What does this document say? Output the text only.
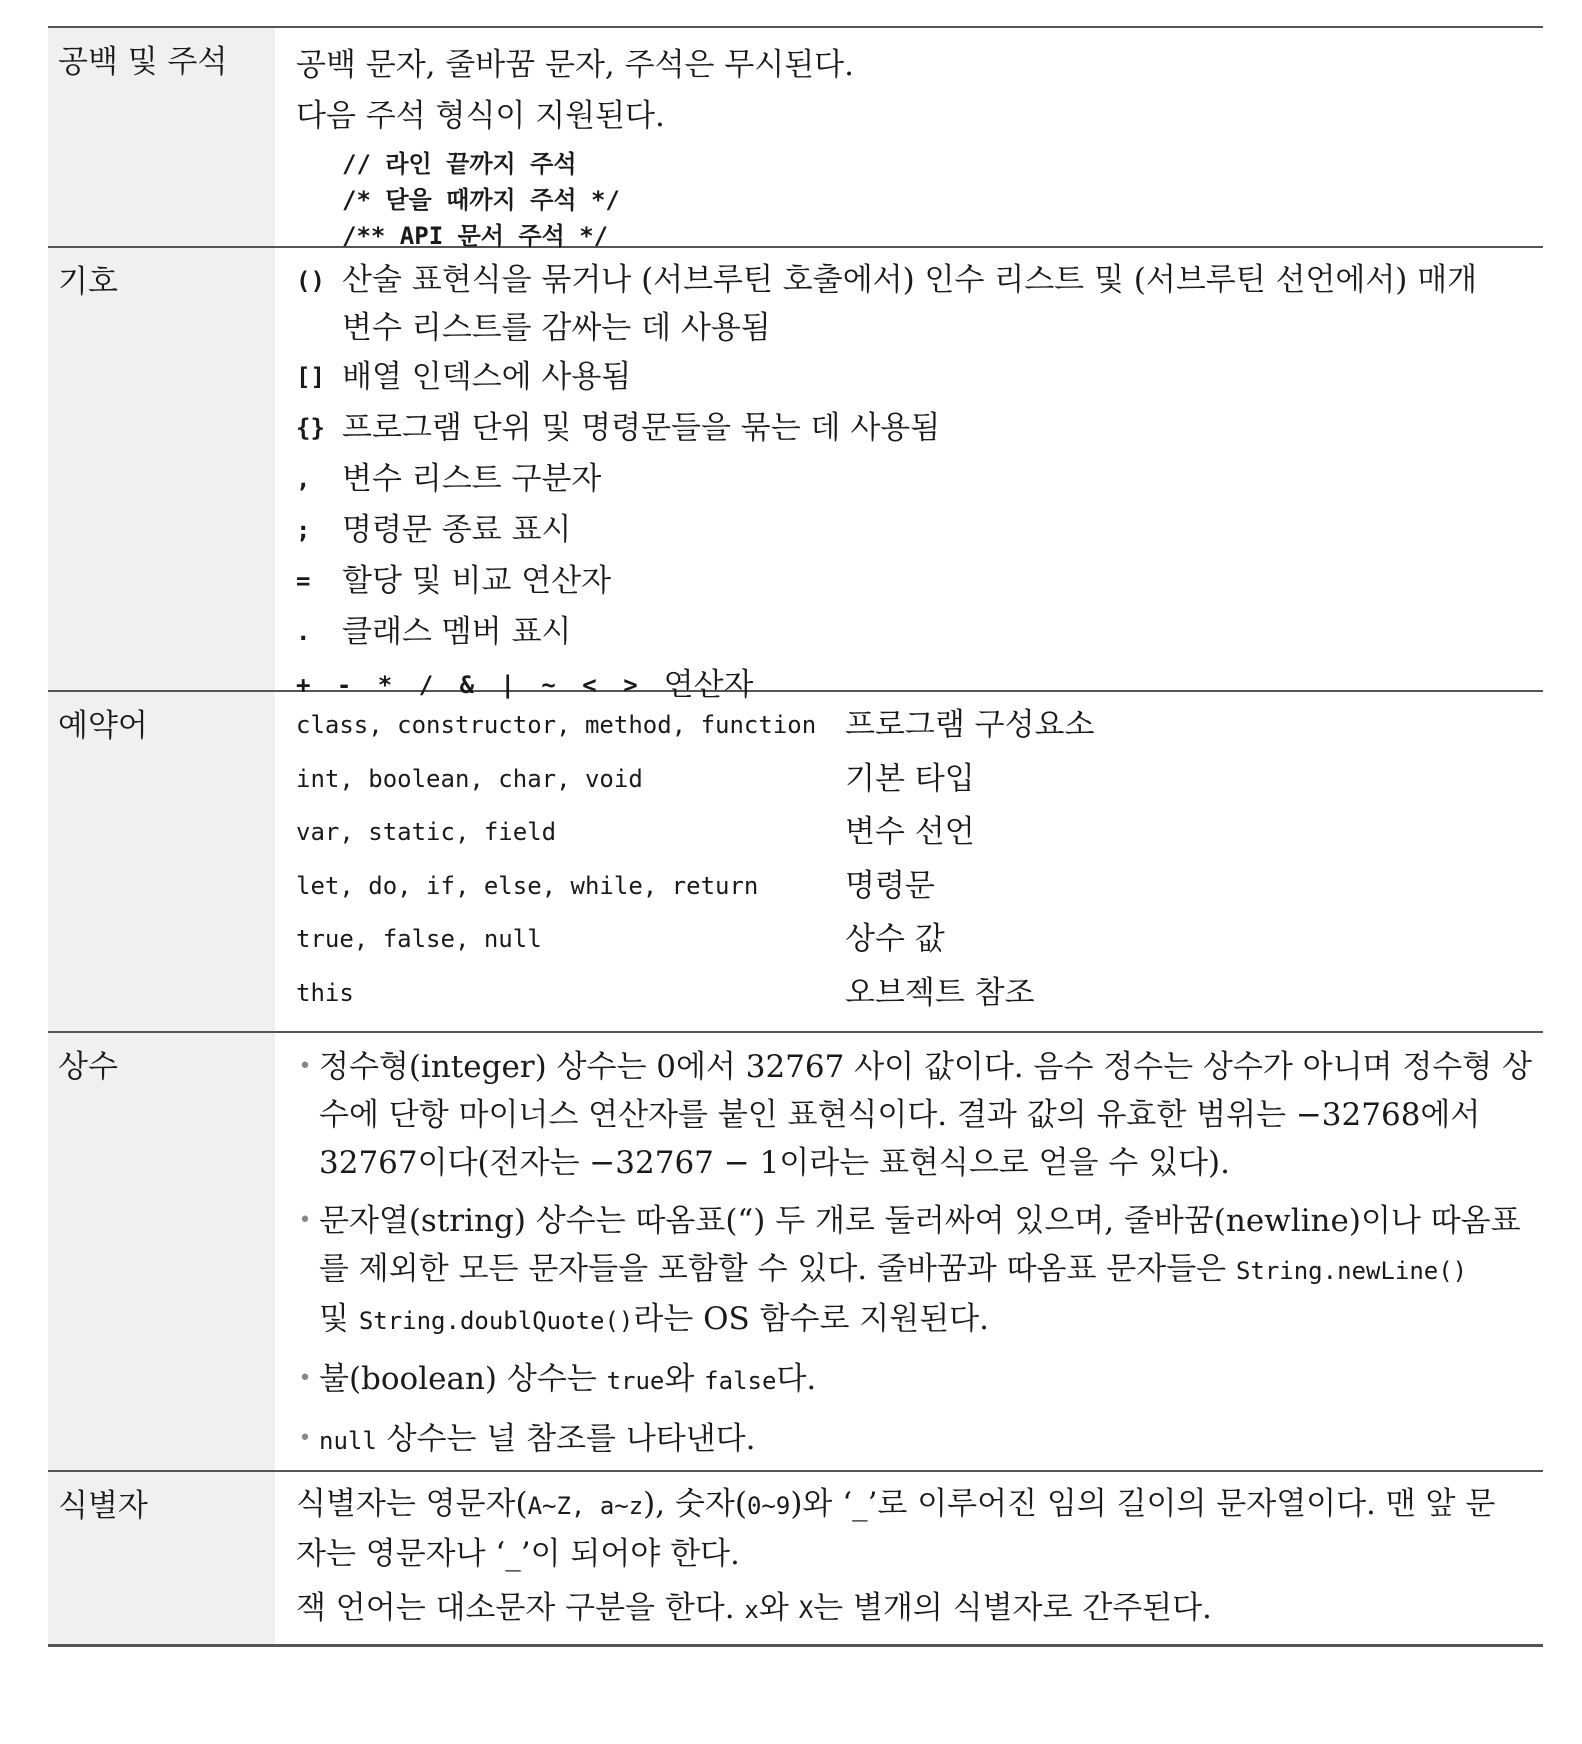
공백 및 주석	공백 문자, 줄바꿈 문자, 주석은 무시된다.
다음 주석 형식이 지원된다.
// 라인 끝까지 주석
/* 닫을 때까지 주석 */
/** API 문서 주석 */
기호	() 산술 표현식을 묶거나 (서브루틴 호출에서) 인수 리스트 및 (서브루틴 선언에서) 매개
변수 리스트를 감싸는 데 사용됨
[] 배열 인덱스에 사용됨
{} 프로그램 단위 및 명령문들을 묶는 데 사용됨
,	변수 리스트 구분자
;	명령문 종료 표시
=	할당 및 비교 연산자
.	클래스 멤버 표시
+ - * / & | ~ < > 연산자
예약어	class, constructor, method, function 프로그램 구성요소
int, boolean, char, void	기본 타입
var, static, field	변수 선언
let, do, if, else, while, return	명령문
true, false, null	상수 값
this	오브젝트 참조
상수	• 정수형(integer) 상수는 0에서 32767 사이 값이다. 음수 정수는 상수가 아니며 정수형 상
수에 단항 마이너스 연산자를 붙인 표현식이다. 결과 값의 유효한 범위는 −32768에서
32767이다(전자는 −32767 − 1이라는 표현식으로 얻을 수 있다).
• 문자열(string) 상수는 따옴표(“) 두 개로 둘러싸여 있으며, 줄바꿈(newline)이나 따옴표
를 제외한 모든 문자들을 포함할 수 있다. 줄바꿈과 따옴표 문자들은 String.newLine()
및 String.doublQuote()라는 OS 함수로 지원된다.
• 불(boolean) 상수는 true와 false다.
• null 상수는 널 참조를 나타낸다.
식별자	식별자는 영문자(A~Z, a~z), 숫자(0~9)와 ‘_’로 이루어진 임의 길이의 문자열이다. 맨 앞 문
자는 영문자나 ‘_’이 되어야 한다.
잭 언어는 대소문자 구분을 한다. x와 X는 별개의 식별자로 간주된다.
